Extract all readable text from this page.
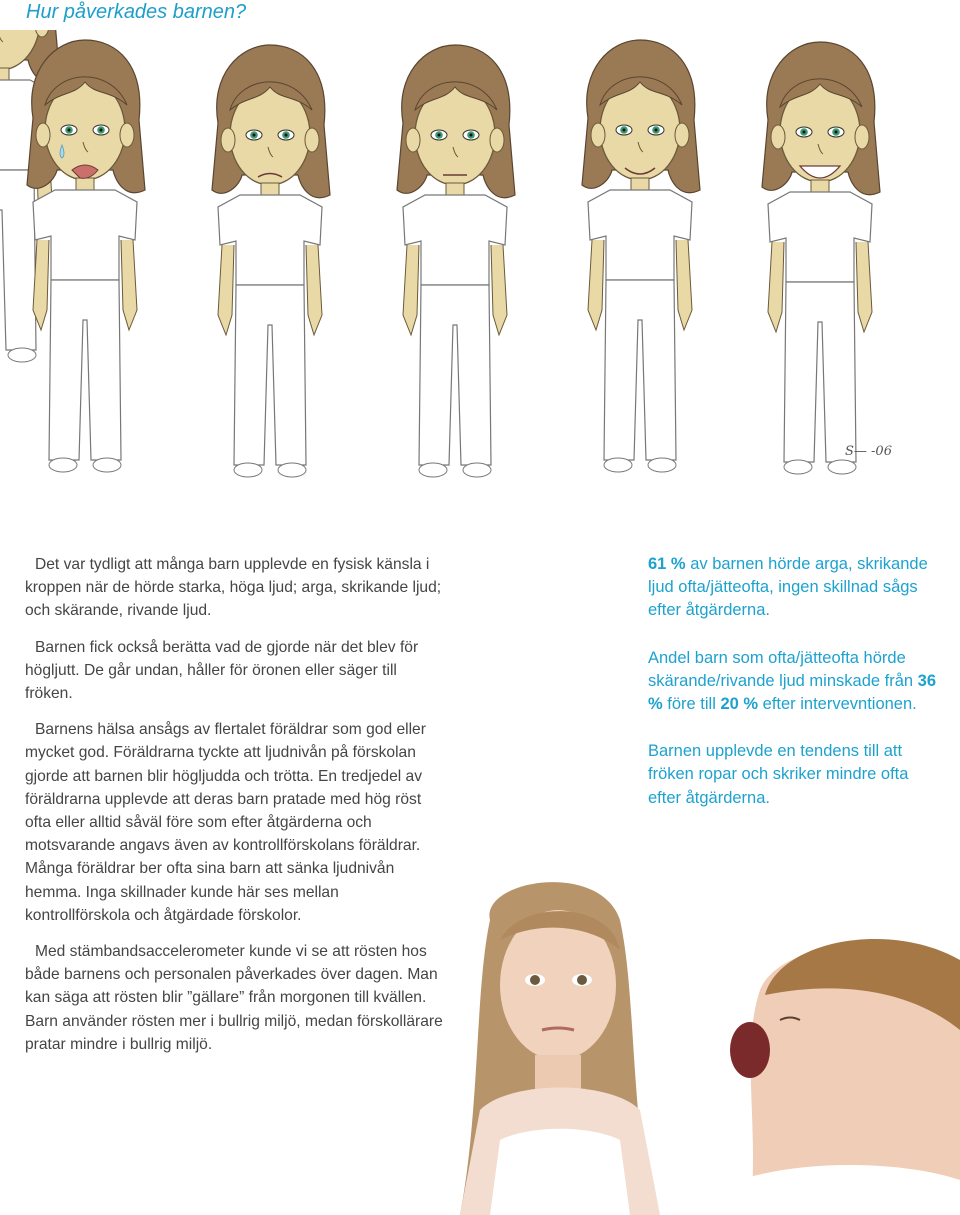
Hur påverkades barnen?
S— -06

Det var tydligt att många barn upplevde en fysisk känsla i kroppen när de hörde starka, höga ljud; arga, skrikande ljud; och skärande, rivande ljud.

Barnen fick också berätta vad de gjorde när det blev för högljutt. De går undan, håller för öronen eller säger till fröken.

Barnens hälsa ansågs av flertalet föräldrar som god eller mycket god. Föräldrarna tyckte att ljudnivån på förskolan gjorde att barnen blir högljudda och trötta. En tredjedel av föräldrarna upplevde att deras barn pratade med hög röst ofta eller alltid såväl före som efter åtgärderna och motsvarande angavs även av kontrollförskolans föräldrar. Många föräldrar ber ofta sina barn att sänka ljudnivån hemma. Inga skillnader kunde här ses mellan kontrollförskola och åtgärdade förskolor.

Med stämbandsaccelerometer kunde vi se att rösten hos både barnens och personalen påverkades över dagen. Man kan säga att rösten blir ”gällare” från morgonen till kvällen. Barn använder rösten mer i bullrig miljö, medan förskollärare pratar mindre i bullrig miljö.

61 % av barnen hörde arga, skrikande ljud ofta/jätteofta, ingen skillnad sågs efter åtgärderna.

Andel barn som ofta/jätteofta hörde skärande/rivande ljud minskade från 36 % före till 20 % efter intervevntionen.

Barnen upplevde en tendens till att fröken ropar och skriker mindre ofta efter åtgärderna.
